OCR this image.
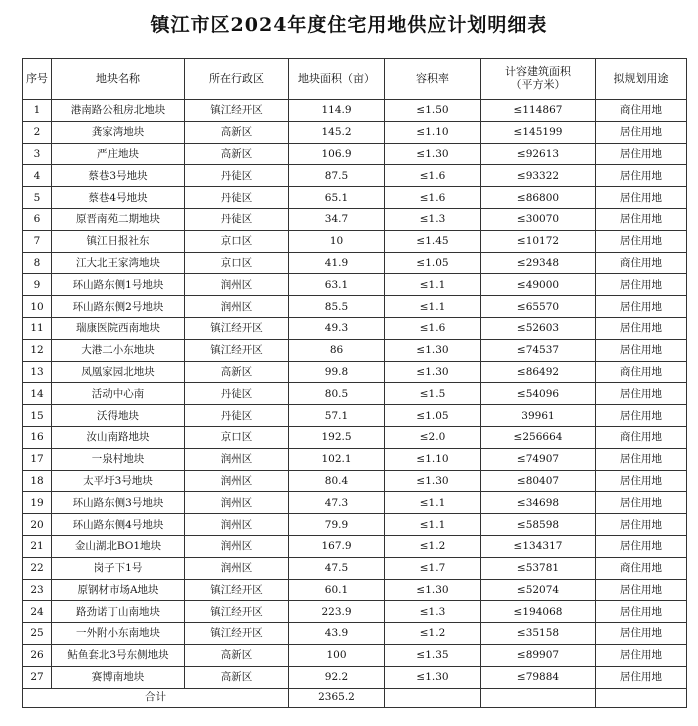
镇江市区2024年度住宅用地供应计划明细表
序号	地块名称	所在行政区	地块面积（亩）	容积率	计容建筑面积
（平方米）	拟规划用途
1	港南路公租房北地块	镇江经开区	114.9	≤1.50	≤114867	商住用地
2	龚家湾地块	高新区	145.2	≤1.10	≤145199	居住用地
3	严庄地块	高新区	106.9	≤1.30	≤92613	居住用地
4	蔡巷3号地块	丹徒区	87.5	≤1.6	≤93322	居住用地
5	蔡巷4号地块	丹徒区	65.1	≤1.6	≤86800	居住用地
6	原晋南苑二期地块	丹徒区	34.7	≤1.3	≤30070	居住用地
7	镇江日报社东	京口区	10	≤1.45	≤10172	居住用地
8	江大北王家湾地块	京口区	41.9	≤1.05	≤29348	商住用地
9	环山路东侧1号地块	润州区	63.1	≤1.1	≤49000	居住用地
10	环山路东侧2号地块	润州区	85.5	≤1.1	≤65570	居住用地
11	瑞康医院西南地块	镇江经开区	49.3	≤1.6	≤52603	居住用地
12	大港二小东地块	镇江经开区	86	≤1.30	≤74537	居住用地
13	凤凰家园北地块	高新区	99.8	≤1.30	≤86492	商住用地
14	活动中心南	丹徒区	80.5	≤1.5	≤54096	居住用地
15	沃得地块	丹徒区	57.1	≤1.05	39961	居住用地
16	汝山南路地块	京口区	192.5	≤2.0	≤256664	商住用地
17	一泉村地块	润州区	102.1	≤1.10	≤74907	居住用地
18	太平圩3号地块	润州区	80.4	≤1.30	≤80407	居住用地
19	环山路东侧3号地块	润州区	47.3	≤1.1	≤34698	居住用地
20	环山路东侧4号地块	润州区	79.9	≤1.1	≤58598	居住用地
21	金山湖北BO1地块	润州区	167.9	≤1.2	≤134317	居住用地
22	岗子下1号	润州区	47.5	≤1.7	≤53781	商住用地
23	原钢材市场A地块	镇江经开区	60.1	≤1.30	≤52074	居住用地
24	路劲诺丁山南地块	镇江经开区	223.9	≤1.3	≤194068	居住用地
25	一外附小东南地块	镇江经开区	43.9	≤1.2	≤35158	居住用地
26	鲇鱼套北3号东侧地块	高新区	100	≤1.35	≤89907	居住用地
27	赛博南地块	高新区	92.2	≤1.30	≤79884	居住用地
合计			2365.2			
